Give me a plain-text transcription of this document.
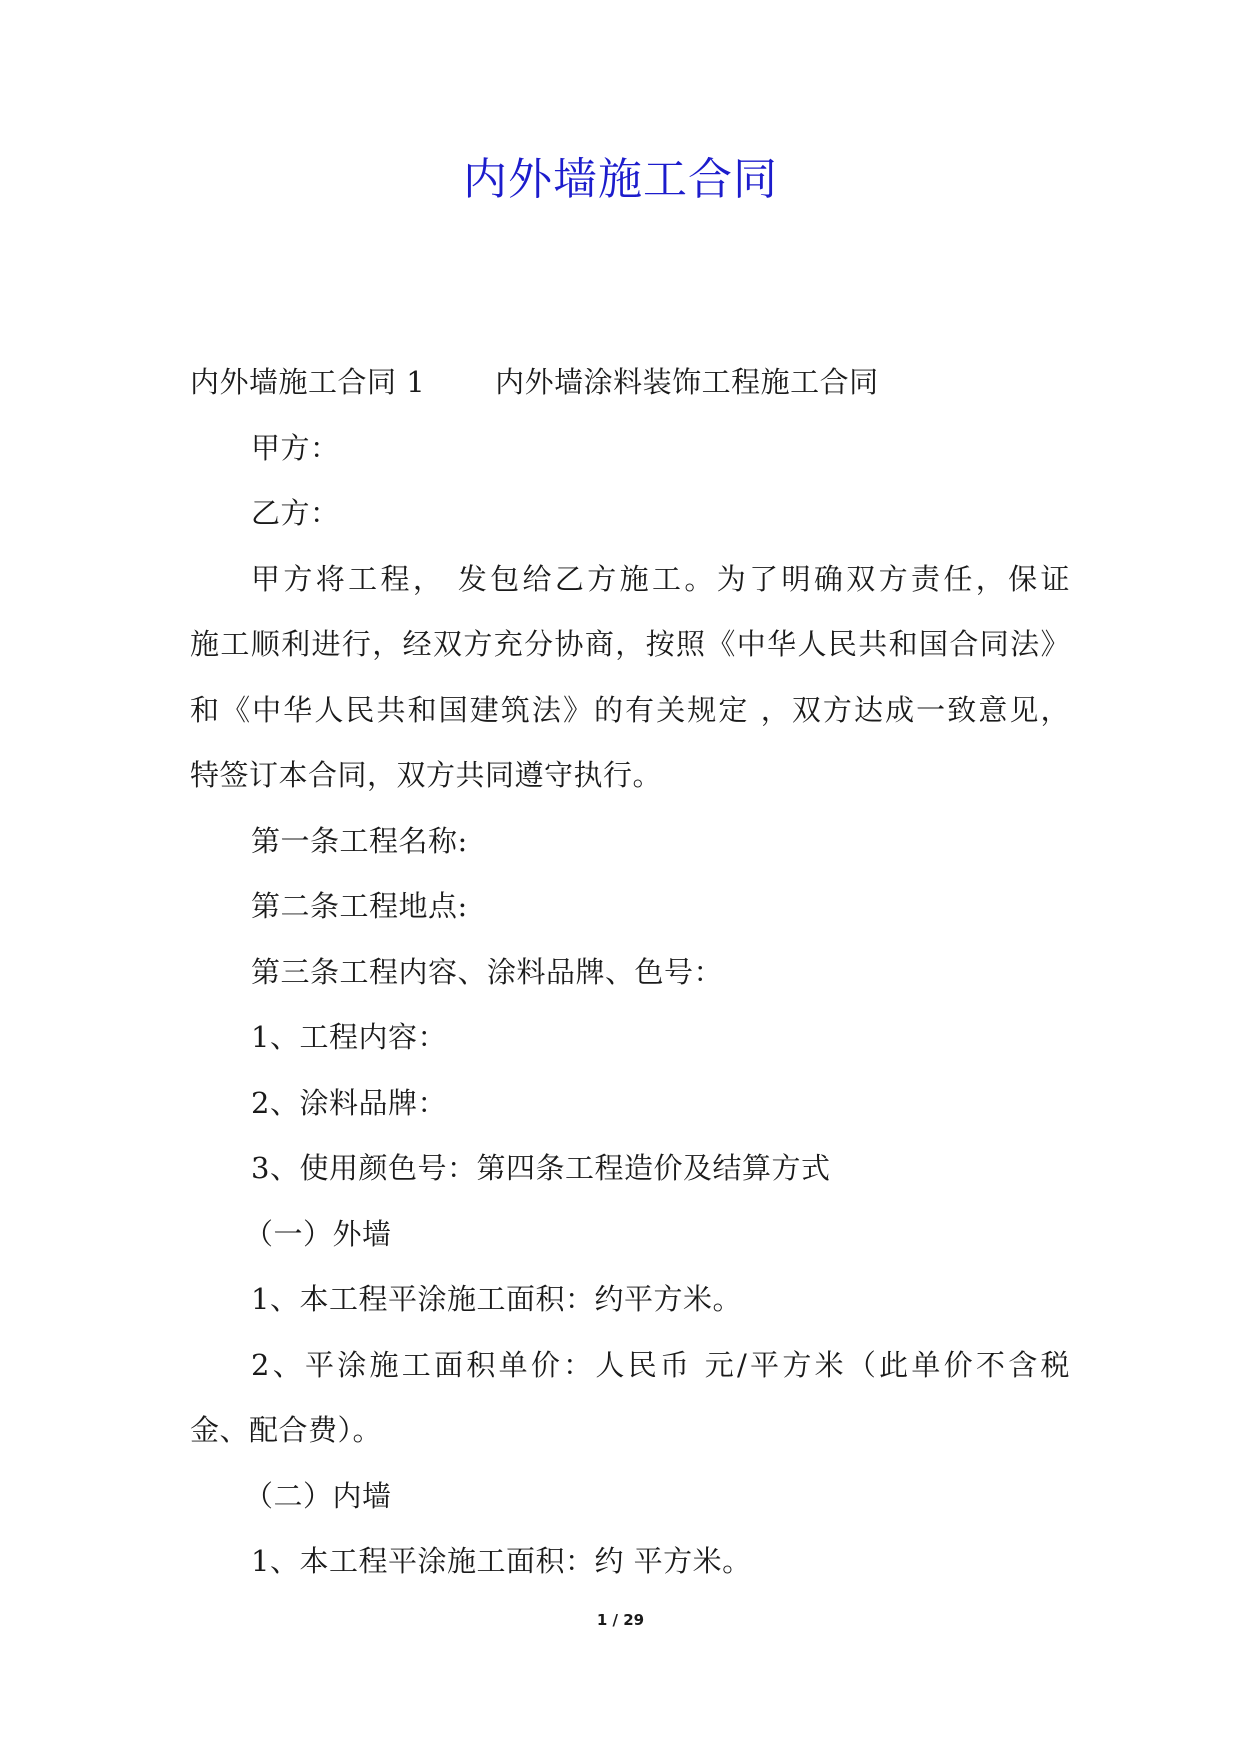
内外墙施工合同

内外墙施工合同 1 内外墙涂料装饰工程施工合同

甲方：

乙方：

甲方将工程， 发包给乙方施工。为了明确双方责任，保证

施工顺利进行，经双方充分协商，按照《中华人民共和国合同法》

和《中华人民共和国建筑法》的有关规定 ，双方达成一致意见，

特签订本合同，双方共同遵守执行。

第一条工程名称:

第二条工程地点:

第三条工程内容、涂料品牌、色号：

1、工程内容：

2、涂料品牌：

3、使用颜色号：第四条工程造价及结算方式

（一）外墙

1、本工程平涂施工面积：约平方米。

2、平涂施工面积单价：人民币 元/平方米（此单价不含税

金、配合费）。

（二）内墙

1、本工程平涂施工面积：约 平方米。

1 / 29
